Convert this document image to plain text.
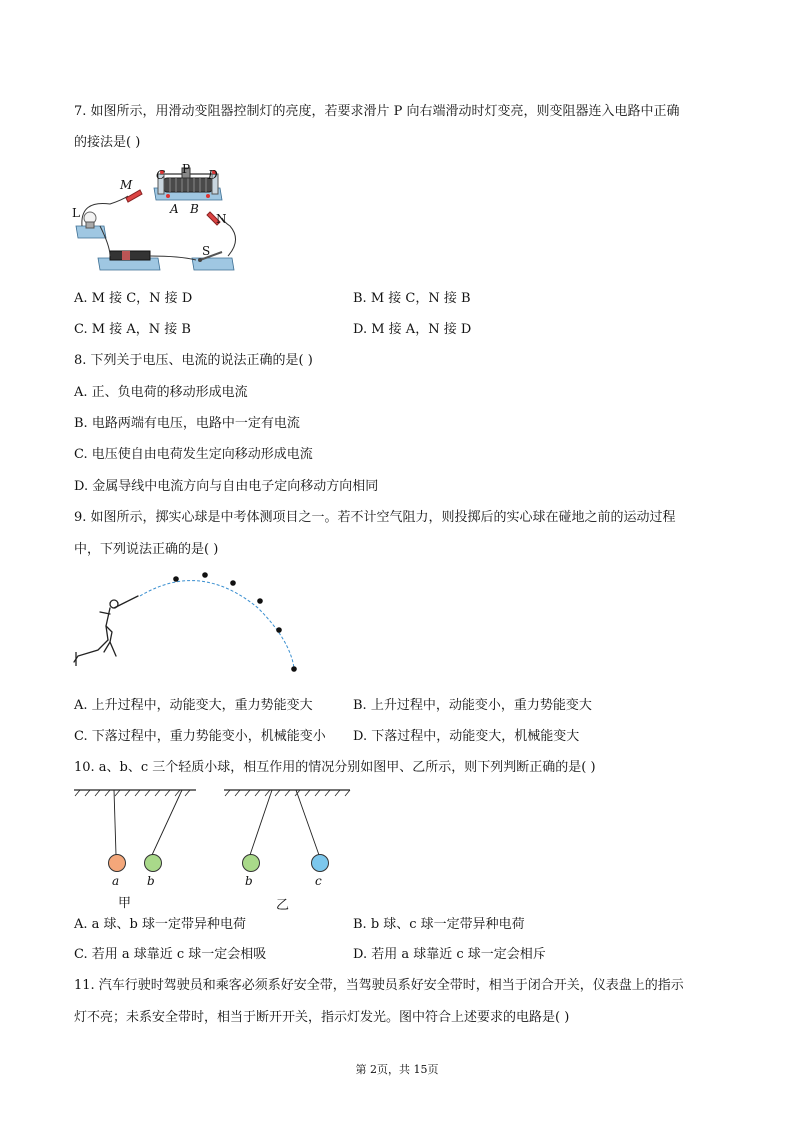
7. 如图所示，用滑动变阻器控制灯的亮度，若要求滑片 P 向右端滑动时灯变亮，则变阻器连入电路中正确
的接法是( )
M
C P D
A B
N
L
S
A. M 接 C，N 接 D	B. M 接 C，N 接 B
C. M 接 A，N 接 B	D. M 接 A，N 接 D
8. 下列关于电压、电流的说法正确的是( )
A. 正、负电荷的移动形成电流
B. 电路两端有电压，电路中一定有电流
C. 电压使自由电荷发生定向移动形成电流
D. 金属导线中电流方向与自由电子定向移动方向相同
9. 如图所示，掷实心球是中考体测项目之一。若不计空气阻力，则投掷后的实心球在碰地之前的运动过程
中，下列说法正确的是( )
A. 上升过程中，动能变大，重力势能变大	B. 上升过程中，动能变小，重力势能变大
C. 下落过程中，重力势能变小，机械能变小 D. 下落过程中，动能变大，机械能变大
10. a、b、c 三个轻质小球，相互作用的情况分别如图甲、乙所示，则下列判断正确的是( )
a b	b	c
甲	乙
A. a 球、b 球一定带异种电荷	B. b 球、c 球一定带异种电荷
C. 若用 a 球靠近 c 球一定会相吸	D. 若用 a 球靠近 c 球一定会相斥
11. 汽车行驶时驾驶员和乘客必须系好安全带，当驾驶员系好安全带时，相当于闭合开关，仪表盘上的指示
灯不亮；未系安全带时，相当于断开开关，指示灯发光。图中符合上述要求的电路是( )
第 2页，共 15页
